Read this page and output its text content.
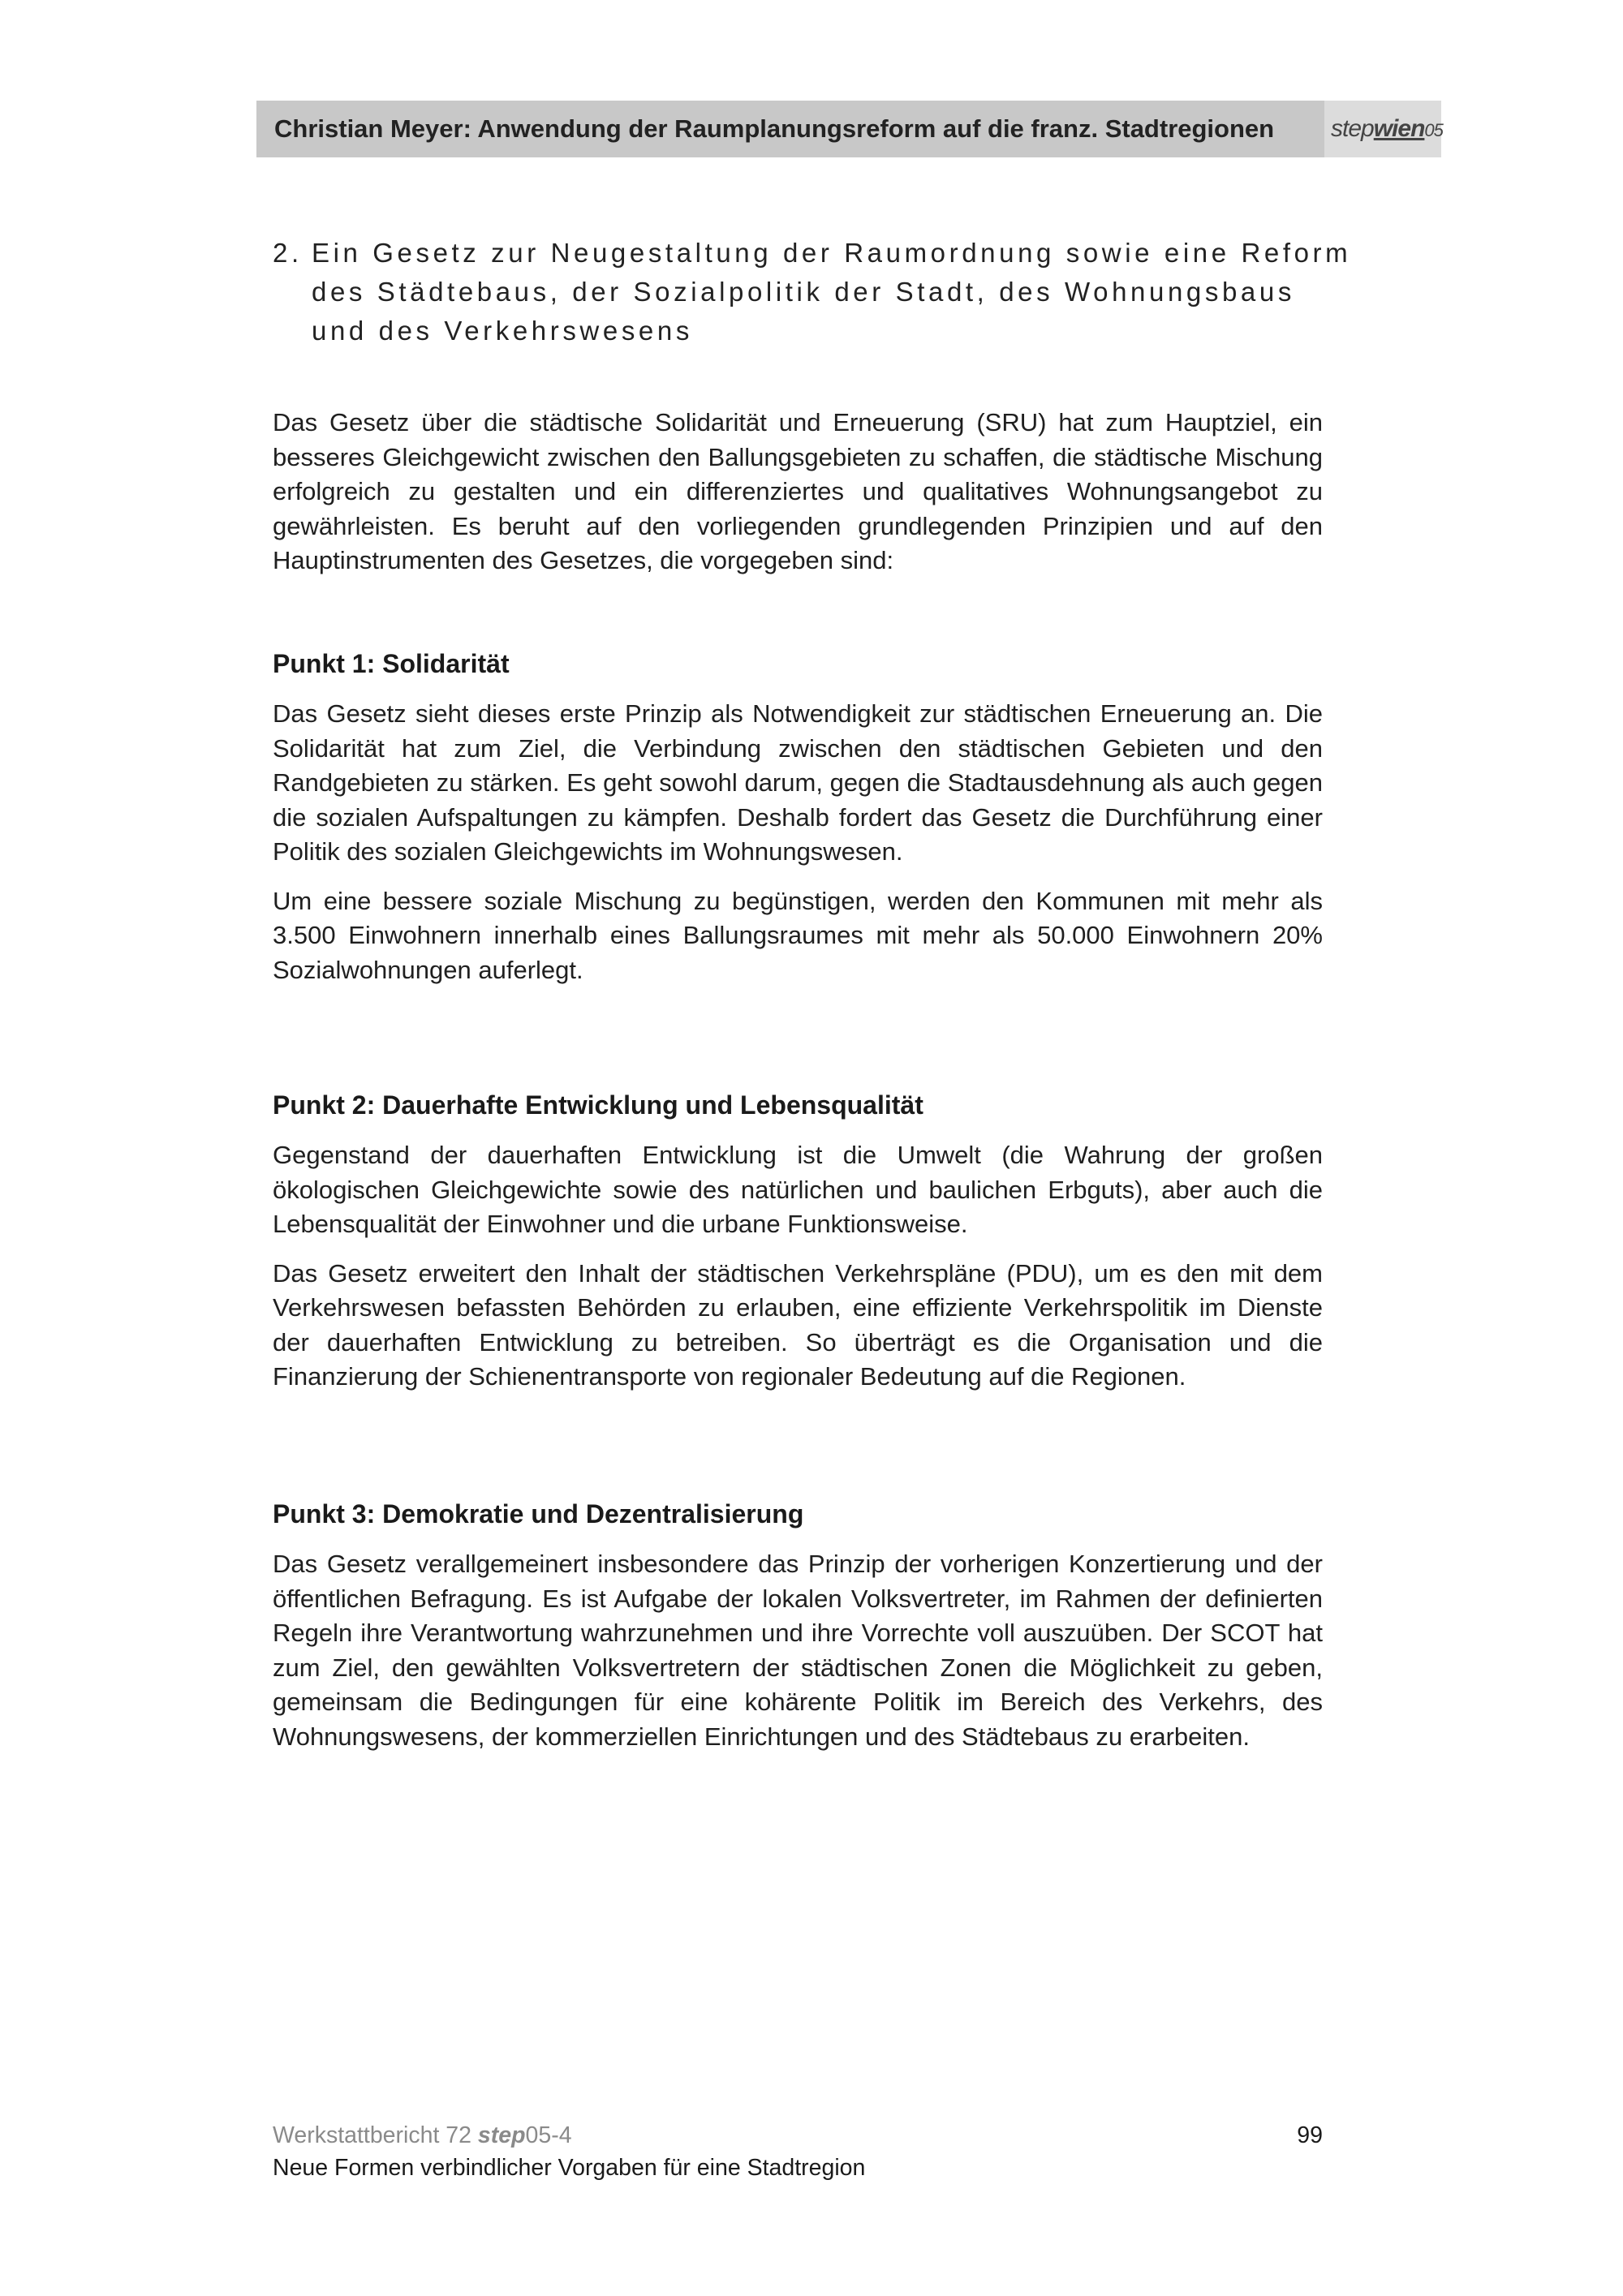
Christian Meyer: Anwendung der Raumplanungsreform auf die franz. Stadtregionen stepwien05
2. Ein Gesetz zur Neugestaltung der Raumordnung sowie eine Reform
des Städtebaus, der Sozialpolitik der Stadt, des Wohnungsbaus
und des Verkehrswesens

Das Gesetz über die städtische Solidarität und Erneuerung (SRU) hat zum Hauptziel, ein besseres Gleichgewicht zwischen den Ballungsgebieten zu schaffen, die städtische Mischung erfolgreich zu gestalten und ein differenziertes und qualitatives Wohnungsangebot zu gewährleisten. Es beruht auf den vorliegenden grundlegenden Prinzipien und auf den Hauptinstrumenten des Gesetzes, die vorgegeben sind:

Punkt 1: Solidarität

Das Gesetz sieht dieses erste Prinzip als Notwendigkeit zur städtischen Erneuerung an. Die Solidarität hat zum Ziel, die Verbindung zwischen den städtischen Gebieten und den Randgebieten zu stärken. Es geht sowohl darum, gegen die Stadtausdehnung als auch gegen die sozialen Aufspaltungen zu kämpfen. Deshalb fordert das Gesetz die Durchführung einer Politik des sozialen Gleichgewichts im Wohnungswesen.

Um eine bessere soziale Mischung zu begünstigen, werden den Kommunen mit mehr als 3.500 Einwohnern innerhalb eines Ballungsraumes mit mehr als 50.000 Einwohnern 20% Sozialwohnungen auferlegt.

Punkt 2: Dauerhafte Entwicklung und Lebensqualität

Gegenstand der dauerhaften Entwicklung ist die Umwelt (die Wahrung der großen ökologischen Gleichgewichte sowie des natürlichen und baulichen Erbguts), aber auch die Lebensqualität der Einwohner und die urbane Funktionsweise.

Das Gesetz erweitert den Inhalt der städtischen Verkehrspläne (PDU), um es den mit dem Verkehrswesen befassten Behörden zu erlauben, eine effiziente Verkehrspolitik im Dienste der dauerhaften Entwicklung zu betreiben. So überträgt es die Organisation und die Finanzierung der Schienentransporte von regionaler Bedeutung auf die Regionen.

Punkt 3: Demokratie und Dezentralisierung

Das Gesetz verallgemeinert insbesondere das Prinzip der vorherigen Konzertierung und der öffentlichen Befragung. Es ist Aufgabe der lokalen Volksvertreter, im Rahmen der definierten Regeln ihre Verantwortung wahrzunehmen und ihre Vorrechte voll auszuüben. Der SCOT hat zum Ziel, den gewählten Volksvertretern der städtischen Zonen die Möglichkeit zu geben, gemeinsam die Bedingungen für eine kohärente Politik im Bereich des Verkehrs, des Wohnungswesens, der kommerziellen Einrichtungen und des Städtebaus zu erarbeiten.

Werkstattbericht 72 step05-4
Neue Formen verbindlicher Vorgaben für eine Stadtregion
99
